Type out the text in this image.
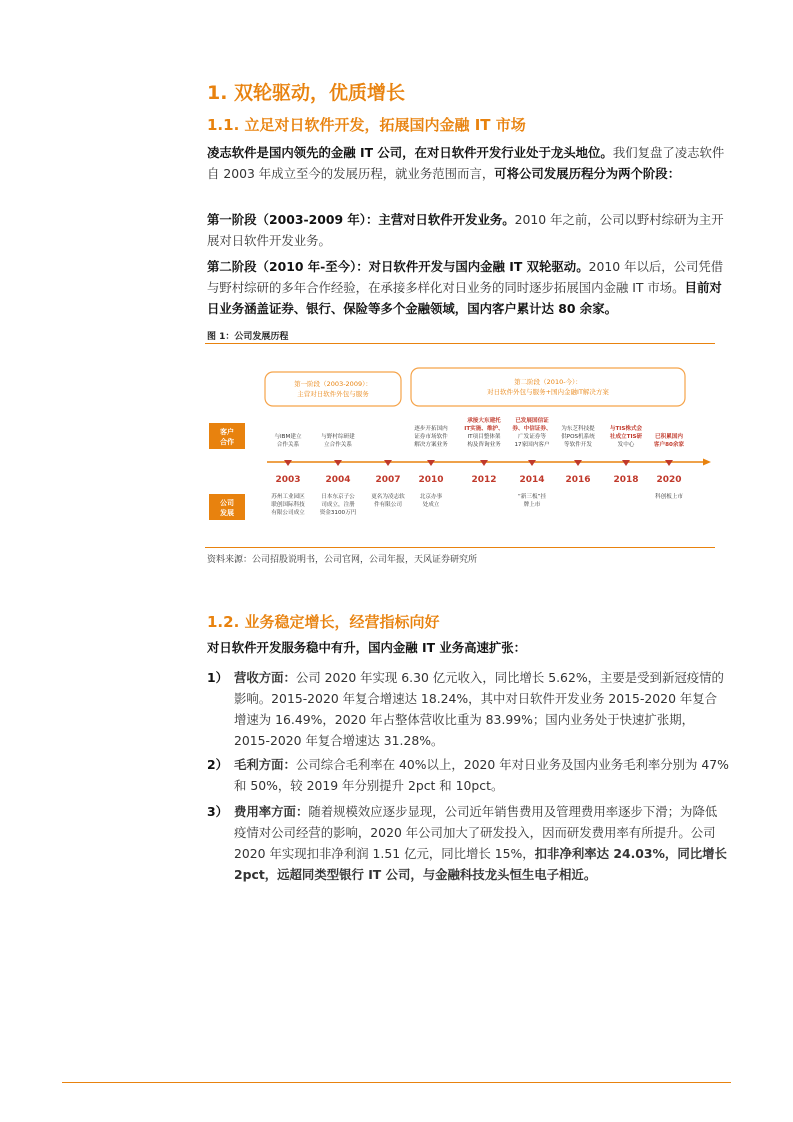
1. 双轮驱动，优质增长
1.1. 立足对日软件开发，拓展国内金融 IT 市场
凌志软件是国内领先的金融 IT 公司，在对日软件开发行业处于龙头地位。我们复盘了凌志软件自 2003 年成立至今的发展历程，就业务范围而言，可将公司发展历程分为两个阶段：
第一阶段（2003-2009 年）：主营对日软件开发业务。2010 年之前，公司以野村综研为主开展对日软件开发业务。
第二阶段（2010 年-至今）：对日软件开发与国内金融 IT 双轮驱动。2010 年以后，公司凭借与野村综研的多年合作经验，在承接多样化对日业务的同时逐步拓展国内金融 IT 市场。目前对日业务涵盖证券、银行、保险等多个金融领域，国内客户累计达 80 余家。
图 1：公司发展历程
第一阶段（2003-2009）：
主营对日软件外包与服务
第二阶段（2010-今）：
对日软件外包与服务+国内金融IT解决方案
客户
合作
公司
发展
2003	2004	2007 2010	2012	2014 2016	2018 2020
与IBM建立
合作关系
与野村综研建
立合作关系
逐步开拓国内
证券市场软件
解决方案业务
承接大东建托
IT实施、维护、
IT项目整体架
构及咨询业务
已发展国信证
券、中信证券、
广发证券等
17家国内客户
为东芝科技提
供POS机系统
等软件开发
与TIS株式会
社成立TIS研
发中心
已积累国内
客户80余家
苏州工业园区
联创国际科技
有限公司成立
日本东京子公
司成立，注册
资金3100万円
更名为凌志软
件有限公司
北京办事
处成立
“新三板”挂
牌上市
科创板上市
资料来源：公司招股说明书，公司官网，公司年报，天风证券研究所
1.2. 业务稳定增长，经营指标向好
对日软件开发服务稳中有升，国内金融 IT 业务高速扩张：
1） 营收方面：公司 2020 年实现 6.30 亿元收入，同比增长 5.62%，主要是受到新冠疫情的影响。2015-2020 年复合增速达 18.24%，其中对日软件开发业务 2015-2020 年复合增速为 16.49%，2020 年占整体营收比重为 83.99%；国内业务处于快速扩张期，2015-2020 年复合增速达 31.28%。
2） 毛利方面：公司综合毛利率在 40%以上，2020 年对日业务及国内业务毛利率分别为 47%和 50%，较 2019 年分别提升 2pct 和 10pct。
3） 费用率方面：随着规模效应逐步显现，公司近年销售费用及管理费用率逐步下滑；为降低疫情对公司经营的影响，2020 年公司加大了研发投入，因而研发费用率有所提升。公司 2020 年实现扣非净利润 1.51 亿元，同比增长 15%，扣非净利率达 24.03%，同比增长 2pct，远超同类型银行 IT 公司，与金融科技龙头恒生电子相近。
